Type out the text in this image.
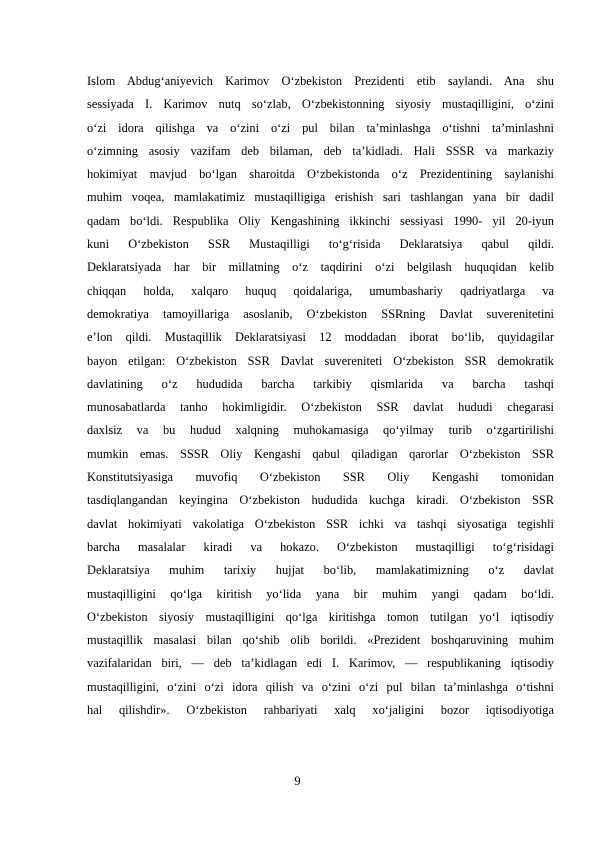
Islom Abdug‘aniyevich Karimov O‘zbekiston Prezidenti etib saylandi. Ana shu
sessiyada I. Karimov nutq so‘zlab, O‘zbekistonning siyosiy mustaqilligini, o‘zini
o‘zi idora qilishga va o‘zini o‘zi pul bilan ta’minlashga o‘tishni ta’minlashni
o‘zimning asosiy vazifam deb bilaman, deb ta’kidladi. Hali SSSR va markaziy
hokimiyat mavjud bo‘lgan sharoitda O‘zbekistonda o‘z Prezidentining saylanishi
muhim voqea, mamlakatimiz mustaqilligiga erishish sari tashlangan yana bir dadil
qadam bo‘ldi. Respublika Oliy Kengashining ikkinchi sessiyasi 1990- yil 20-iyun
kuni O‘zbekiston SSR Mustaqilligi to‘g‘risida Deklaratsiya qabul qildi.
Deklaratsiyada har bir millatning o‘z taqdirini o‘zi belgilash huquqidan kelib
chiqqan holda, xalqaro huquq qoidalariga, umumbashariy qadriyatlarga va
demokratiya tamoyillariga asoslanib, O‘zbekiston SSRning Davlat suverenitetini
e’lon qildi. Mustaqillik Deklaratsiyasi 12 moddadan iborat bo‘lib, quyidagilar
bayon etilgan: O‘zbekiston SSR Davlat suvereniteti O‘zbekiston SSR demokratik
davlatining o‘z hududida barcha tarkibiy qismlarida va barcha tashqi
munosabatlarda tanho hokimligidir. O‘zbekiston SSR davlat hududi chegarasi
daxlsiz va bu hudud xalqning muhokamasiga qo‘yilmay turib o‘zgartirilishi
mumkin emas. SSSR Oliy Kengashi qabul qiladigan qarorlar O‘zbekiston SSR
Konstitutsiyasiga muvofiq O‘zbekiston SSR Oliy Kengashi tomonidan
tasdiqlangandan keyingina O‘zbekiston hududida kuchga kiradi. O‘zbekiston SSR
davlat hokimiyati vakolatiga O‘zbekiston SSR ichki va tashqi siyosatiga tegishli
barcha masalalar kiradi va hokazo. O‘zbekiston mustaqilligi to‘g‘risidagi
Deklaratsiya muhim tarixiy hujjat bo‘lib, mamlakatimizning o‘z davlat
mustaqilligini qo‘lga kiritish yo‘lida yana bir muhim yangi qadam bo‘ldi.
O‘zbekiston siyosiy mustaqilligini qo‘lga kiritishga tomon tutilgan yo‘l iqtisodiy
mustaqillik masalasi bilan qo‘shib olib borildi. «Prezident boshqaruvining muhim
vazifalaridan biri, — deb ta’kidlagan edi I. Karimov, — respublikaning iqtisodiy
mustaqilligini, o‘zini o‘zi idora qilish va o‘zini o‘zi pul bilan ta’minlashga o‘tishni
hal qilishdir». O‘zbekiston rahbariyati xalq xo‘jaligini bozor iqtisodiyotiga
9
